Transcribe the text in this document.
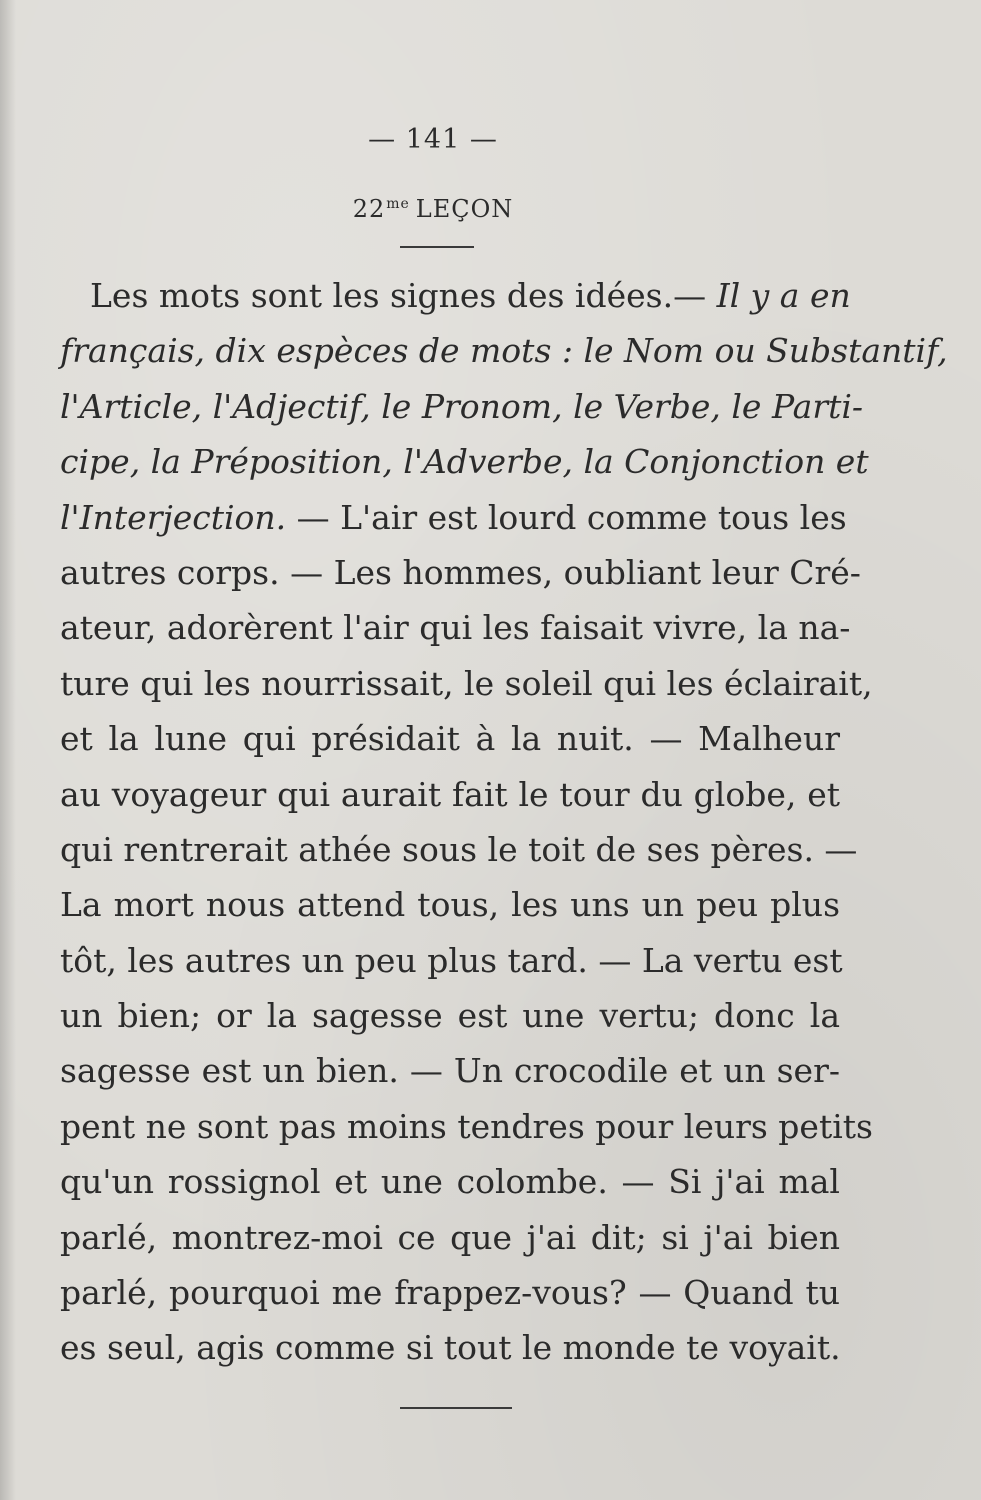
— 141 —
$22^{me}$ LEÇON
Les mots sont les signes des idées.— Il y a en
français, dix espèces de mots : le Nom ou Substantif,
l'Article, l'Adjectif, le Pronom, le Verbe, le Parti-
cipe, la Préposition, l'Adverbe, la Conjonction et
l'Interjection. — L'air est lourd comme tous les
autres corps. — Les hommes, oubliant leur Cré-
ateur, adorèrent l'air qui les faisait vivre, la na-
ture qui les nourrissait, le soleil qui les éclairait,
et la lune qui présidait à la nuit. — Malheur
au voyageur qui aurait fait le tour du globe, et
qui rentrerait athée sous le toit de ses pères. —
La mort nous attend tous, les uns un peu plus
tôt, les autres un peu plus tard. — La vertu est
un bien; or la sagesse est une vertu; donc la
sagesse est un bien. — Un crocodile et un ser-
pent ne sont pas moins tendres pour leurs petits
qu'un rossignol et une colombe. — Si j'ai mal
parlé, montrez-moi ce que j'ai dit; si j'ai bien
parlé, pourquoi me frappez-vous? — Quand tu
es seul, agis comme si tout le monde te voyait.
